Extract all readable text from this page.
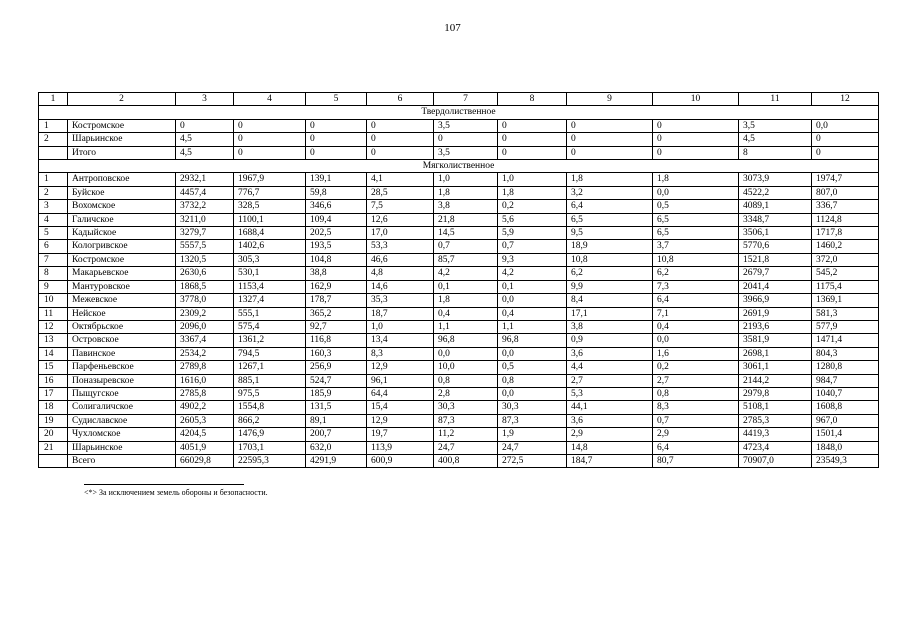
107
1	2	3	4	5	6	7	8	9	10	11	12
Твердолиственное											
1	Костромское	0	0	0	0	3,5	0	0	0	3,5	0,0
2	Шарьинское	4,5	0	0	0	0	0	0	0	4,5	0
	Итого	4,5	0	0	0	3,5	0	0	0	8	0
Мягколиственное											
1	Антроповское	2932,1	1967,9	139,1	4,1	1,0	1,0	1,8	1,8	3073,9	1974,7
2	Буйское	4457,4	776,7	59,8	28,5	1,8	1,8	3,2	0,0	4522,2	807,0
3	Вохомское	3732,2	328,5	346,6	7,5	3,8	0,2	6,4	0,5	4089,1	336,7
4	Галичское	3211,0	1100,1	109,4	12,6	21,8	5,6	6,5	6,5	3348,7	1124,8
5	Кадыйское	3279,7	1688,4	202,5	17,0	14,5	5,9	9,5	6,5	3506,1	1717,8
6	Кологривское	5557,5	1402,6	193,5	53,3	0,7	0,7	18,9	3,7	5770,6	1460,2
7	Костромское	1320,5	305,3	104,8	46,6	85,7	9,3	10,8	10,8	1521,8	372,0
8	Макарьевское	2630,6	530,1	38,8	4,8	4,2	4,2	6,2	6,2	2679,7	545,2
9	Мантуровское	1868,5	1153,4	162,9	14,6	0,1	0,1	9,9	7,3	2041,4	1175,4
10	Межевское	3778,0	1327,4	178,7	35,3	1,8	0,0	8,4	6,4	3966,9	1369,1
11	Нейское	2309,2	555,1	365,2	18,7	0,4	0,4	17,1	7,1	2691,9	581,3
12	Октябрьское	2096,0	575,4	92,7	1,0	1,1	1,1	3,8	0,4	2193,6	577,9
13	Островское	3367,4	1361,2	116,8	13,4	96,8	96,8	0,9	0,0	3581,9	1471,4
14	Павинское	2534,2	794,5	160,3	8,3	0,0	0,0	3,6	1,6	2698,1	804,3
15	Парфеньевское	2789,8	1267,1	256,9	12,9	10,0	0,5	4,4	0,2	3061,1	1280,8
16	Поназыревское	1616,0	885,1	524,7	96,1	0,8	0,8	2,7	2,7	2144,2	984,7
17	Пыщугское	2785,8	975,5	185,9	64,4	2,8	0,0	5,3	0,8	2979,8	1040,7
18	Солигаличское	4902,2	1554,8	131,5	15,4	30,3	30,3	44,1	8,3	5108,1	1608,8
19	Судиславское	2605,3	866,2	89,1	12,9	87,3	87,3	3,6	0,7	2785,3	967,0
20	Чухломское	4204,5	1476,9	200,7	19,7	11,2	1,9	2,9	2,9	4419,3	1501,4
21	Шарьинское	4051,9	1703,1	632,0	113,9	24,7	24,7	14,8	6,4	4723,4	1848,0
	Всего	66029,8	22595,3	4291,9	600,9	400,8	272,5	184,7	80,7	70907,0	23549,3
<*> За исключением земель обороны и безопасности.
